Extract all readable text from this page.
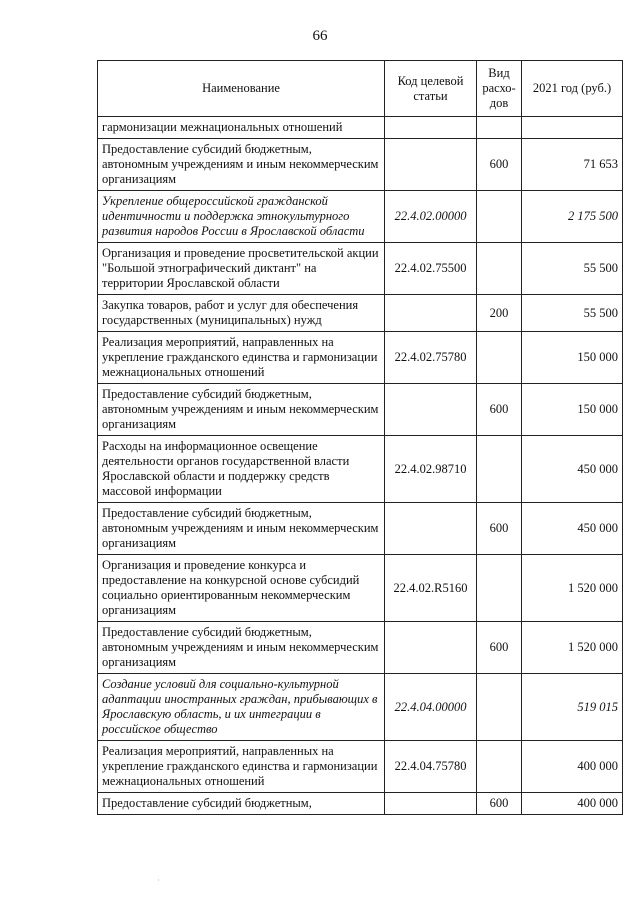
66
Наименование	Код целевой статьи	Вид расхо-дов	2021 год (руб.)
гармонизации межнациональных отношений			
Предоставление субсидий бюджетным, автономным учреждениям и иным некоммерческим организациям		600	71 653
Укрепление общероссийской гражданской идентичности и поддержка этнокультурного развития народов России в Ярославской области	22.4.02.00000		2 175 500
Организация и проведение просветительской акции "Большой этнографический диктант" на территории Ярославской области	22.4.02.75500		55 500
Закупка товаров, работ и услуг для обеспечения государственных (муниципальных) нужд		200	55 500
Реализация мероприятий, направленных на укрепление гражданского единства и гармонизации межнациональных отношений	22.4.02.75780		150 000
Предоставление субсидий бюджетным, автономным учреждениям и иным некоммерческим организациям		600	150 000
Расходы на информационное освещение деятельности органов государственной власти Ярославской области и поддержку средств массовой информации	22.4.02.98710		450 000
Предоставление субсидий бюджетным, автономным учреждениям и иным некоммерческим организациям		600	450 000
Организация и проведение конкурса и предоставление на конкурсной основе субсидий социально ориентированным некоммерческим организациям	22.4.02.R5160		1 520 000
Предоставление субсидий бюджетным, автономным учреждениям и иным некоммерческим организациям		600	1 520 000
Создание условий для социально-культурной адаптации иностранных граждан, прибывающих в Ярославскую область, и их интеграции в российское общество	22.4.04.00000		519 015
Реализация мероприятий, направленных на укрепление гражданского единства и гармонизации межнациональных отношений	22.4.04.75780		400 000
Предоставление субсидий бюджетным,		600	400 000
·
